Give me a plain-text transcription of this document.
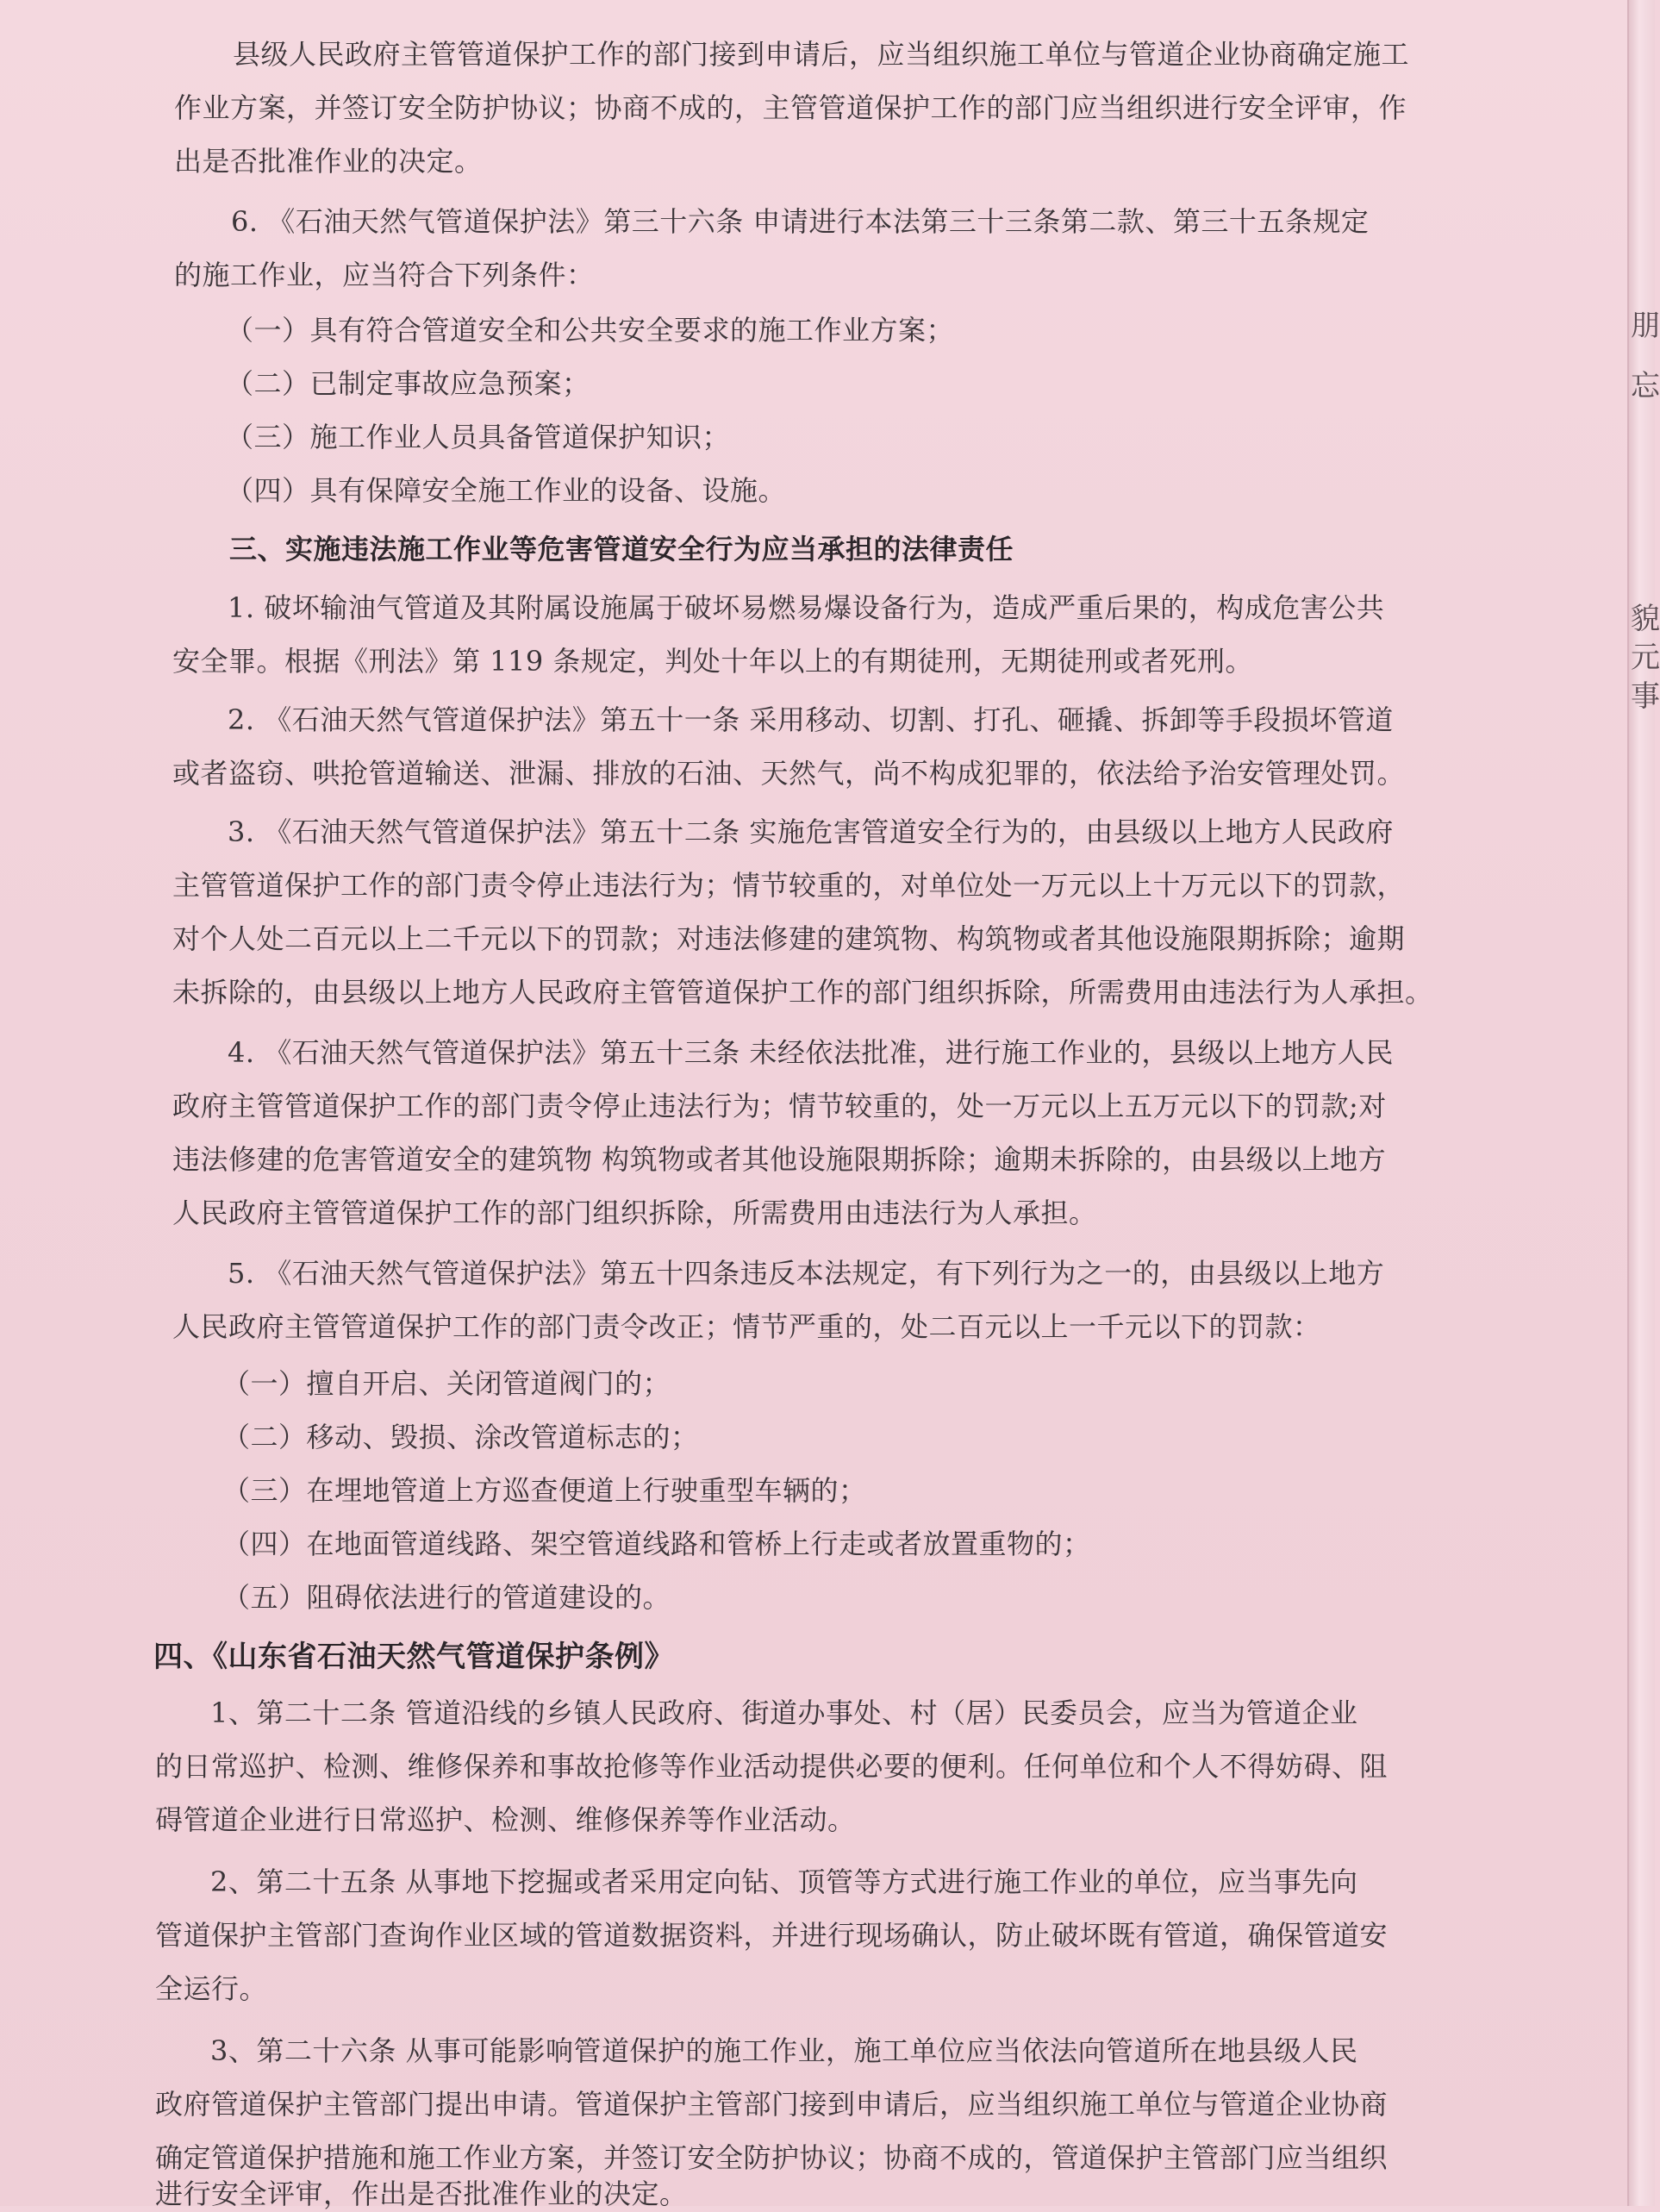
朋
忘
貌
元
事
县级人民政府主管管道保护工作的部门接到申请后，应当组织施工单位与管道企业协商确定施工
作业方案，并签订安全防护协议；协商不成的，主管管道保护工作的部门应当组织进行安全评审，作
出是否批准作业的决定。
6. 《石油天然气管道保护法》第三十六条 申请进行本法第三十三条第二款、第三十五条规定
的施工作业，应当符合下列条件：
（一）具有符合管道安全和公共安全要求的施工作业方案；
（二）已制定事故应急预案；
（三）施工作业人员具备管道保护知识；
（四）具有保障安全施工作业的设备、设施。
三、实施违法施工作业等危害管道安全行为应当承担的法律责任
1. 破坏输油气管道及其附属设施属于破坏易燃易爆设备行为，造成严重后果的，构成危害公共
安全罪。根据《刑法》第 119 条规定，判处十年以上的有期徒刑，无期徒刑或者死刑。
2. 《石油天然气管道保护法》第五十一条 采用移动、切割、打孔、砸撬、拆卸等手段损坏管道
或者盗窃、哄抢管道输送、泄漏、排放的石油、天然气，尚不构成犯罪的，依法给予治安管理处罚。
3. 《石油天然气管道保护法》第五十二条 实施危害管道安全行为的，由县级以上地方人民政府
主管管道保护工作的部门责令停止违法行为；情节较重的，对单位处一万元以上十万元以下的罚款，
对个人处二百元以上二千元以下的罚款；对违法修建的建筑物、构筑物或者其他设施限期拆除；逾期
未拆除的，由县级以上地方人民政府主管管道保护工作的部门组织拆除，所需费用由违法行为人承担。
4. 《石油天然气管道保护法》第五十三条 未经依法批准，进行施工作业的，县级以上地方人民
政府主管管道保护工作的部门责令停止违法行为；情节较重的，处一万元以上五万元以下的罚款;对
违法修建的危害管道安全的建筑物 构筑物或者其他设施限期拆除；逾期未拆除的，由县级以上地方
人民政府主管管道保护工作的部门组织拆除，所需费用由违法行为人承担。
5. 《石油天然气管道保护法》第五十四条违反本法规定，有下列行为之一的，由县级以上地方
人民政府主管管道保护工作的部门责令改正；情节严重的，处二百元以上一千元以下的罚款：
（一）擅自开启、关闭管道阀门的；
（二）移动、毁损、涂改管道标志的；
（三）在埋地管道上方巡查便道上行驶重型车辆的；
（四）在地面管道线路、架空管道线路和管桥上行走或者放置重物的；
（五）阻碍依法进行的管道建设的。
四、《山东省石油天然气管道保护条例》
1、第二十二条 管道沿线的乡镇人民政府、街道办事处、村（居）民委员会，应当为管道企业
的日常巡护、检测、维修保养和事故抢修等作业活动提供必要的便利。任何单位和个人不得妨碍、阻
碍管道企业进行日常巡护、检测、维修保养等作业活动。
2、第二十五条 从事地下挖掘或者采用定向钻、顶管等方式进行施工作业的单位，应当事先向
管道保护主管部门查询作业区域的管道数据资料，并进行现场确认，防止破坏既有管道，确保管道安
全运行。
3、第二十六条 从事可能影响管道保护的施工作业，施工单位应当依法向管道所在地县级人民
政府管道保护主管部门提出申请。管道保护主管部门接到申请后，应当组织施工单位与管道企业协商
确定管道保护措施和施工作业方案，并签订安全防护协议；协商不成的，管道保护主管部门应当组织
进行安全评审，作出是否批准作业的决定。
